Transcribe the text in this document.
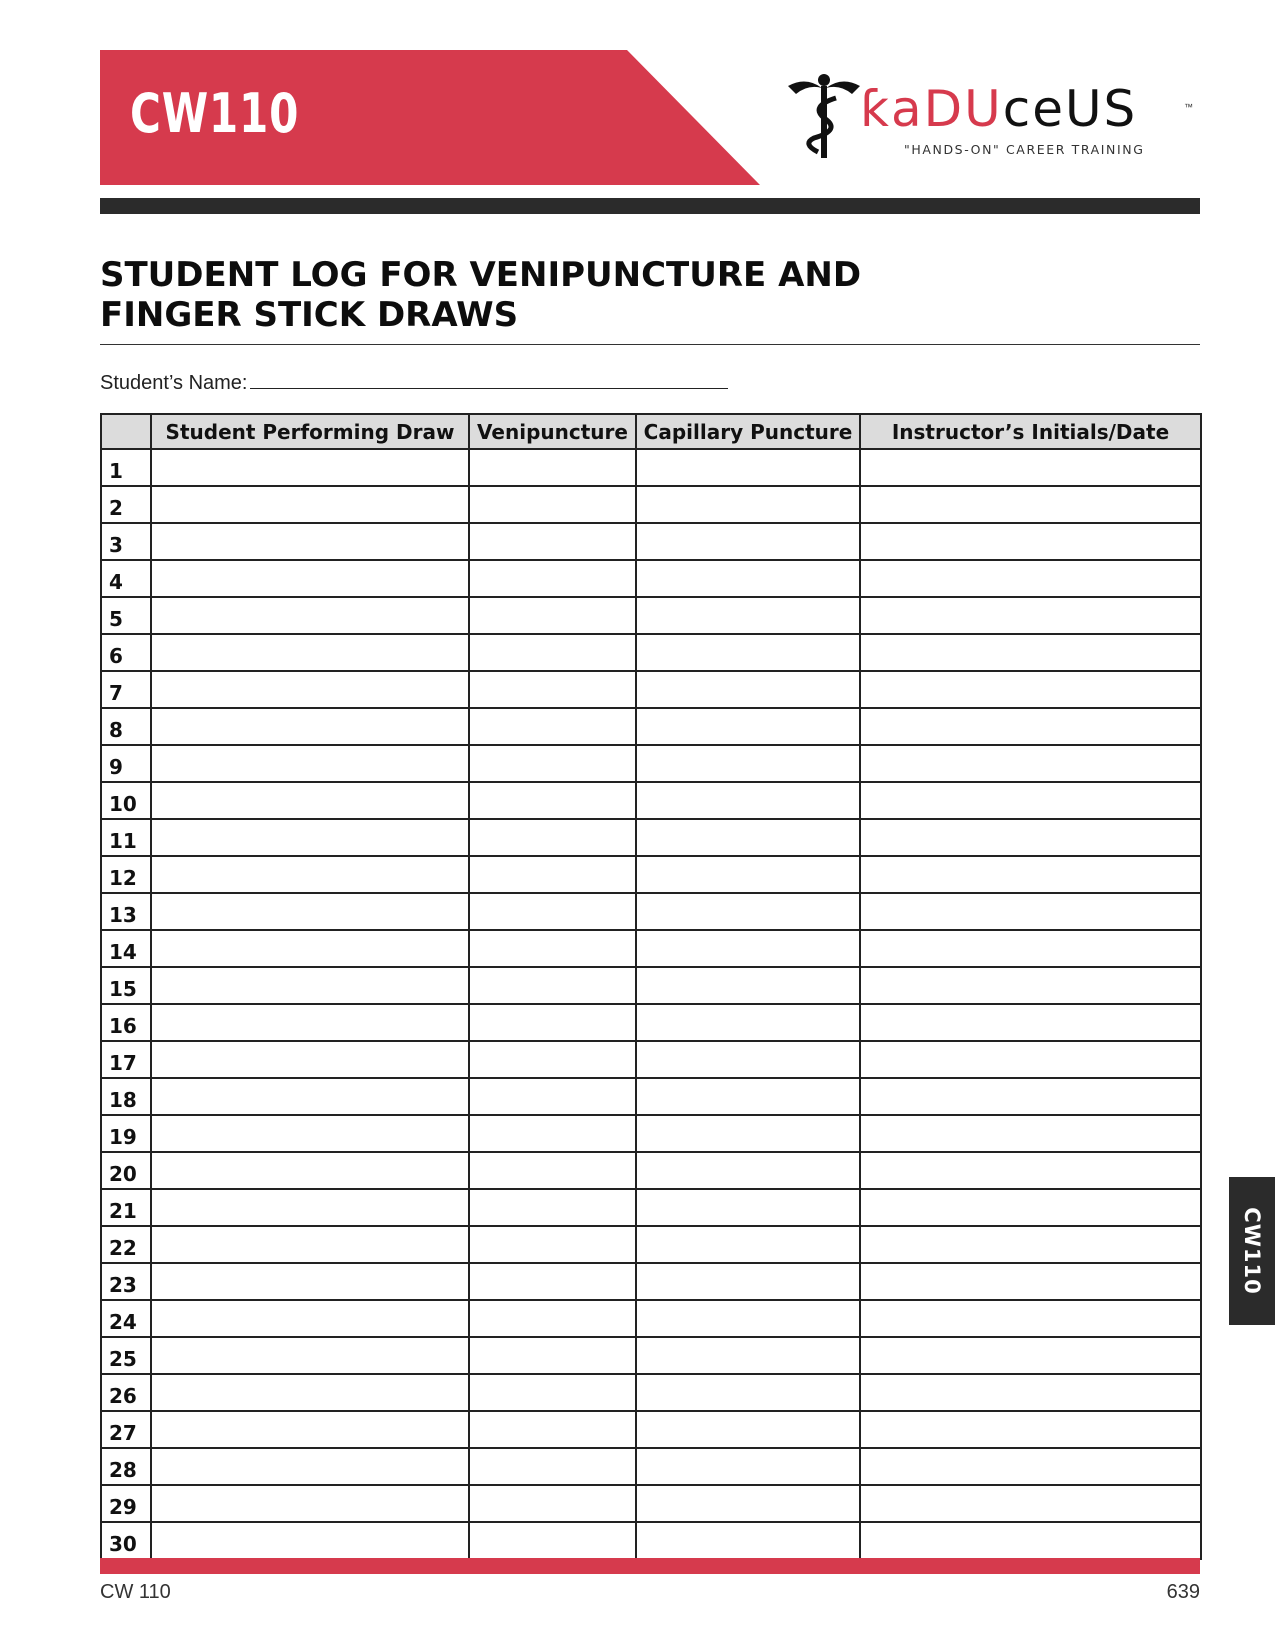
CW110	ƙaDUceUS	™
"HANDS-ON" CAREER TRAINING
STUDENT LOG FOR VENIPUNCTURE AND
FINGER STICK DRAWS
Student’s Name:
	Student Performing Draw	Venipuncture	Capillary Puncture	Instructor’s Initials/Date
1				
2				
3				
4				
5				
6				
7				
8				
9				
10				
11				
12				
13				
14				
15				
16				
17				
18				
19				
20				
21				
22				
23				
24				
25				
26				
27				
28				
29				
30				
CW110
CW 110	639
